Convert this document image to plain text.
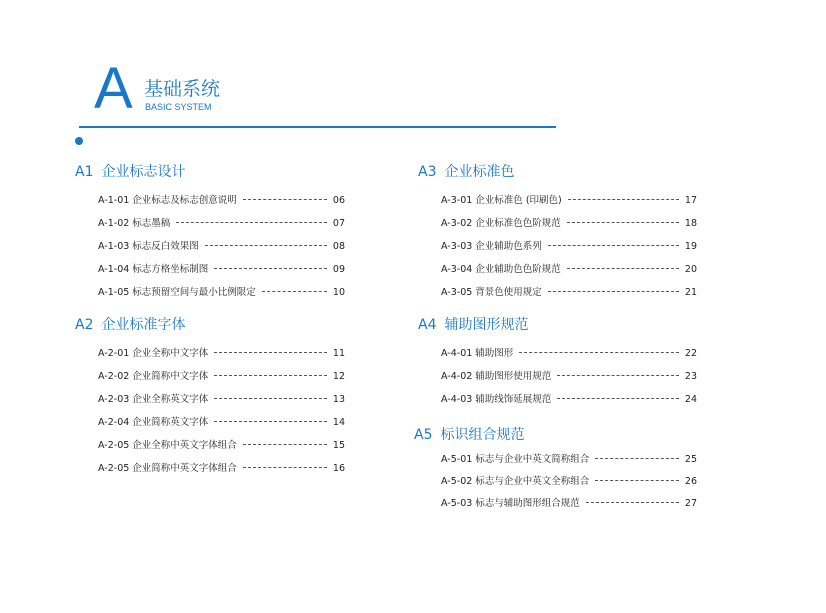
A 基础系统
BASIC SYSTEM
A1 企业标志设计
A-1-01 企业标志及标志创意说明	06
A-1-02 标志墨稿	07
A-1-03 标志反白效果图	08
A-1-04 标志方格坐标制图	09
A-1-05 标志预留空间与最小比例限定	10
A2 企业标准字体
A-2-01 企业全称中文字体	11
A-2-02 企业简称中文字体	12
A-2-03 企业全称英文字体	13
A-2-04 企业简称英文字体	14
A-2-05 企业全称中英文字体组合	15
A-2-05 企业简称中英文字体组合	16
A3 企业标准色
A-3-01 企业标准色 (印刷色)	17
A-3-02 企业标准色色阶规范	18
A-3-03 企业辅助色系列	19
A-3-04 企业辅助色色阶规范	20
A-3-05 背景色使用规定	21
A4 辅助图形规范
A-4-01 辅助图形	22
A-4-02 辅助图形使用规范	23
A-4-03 辅助线饰延展规范	24
A5 标识组合规范
A-5-01 标志与企业中英文简称组合	25
A-5-02 标志与企业中英文全称组合	26
A-5-03 标志与辅助图形组合规范	27
